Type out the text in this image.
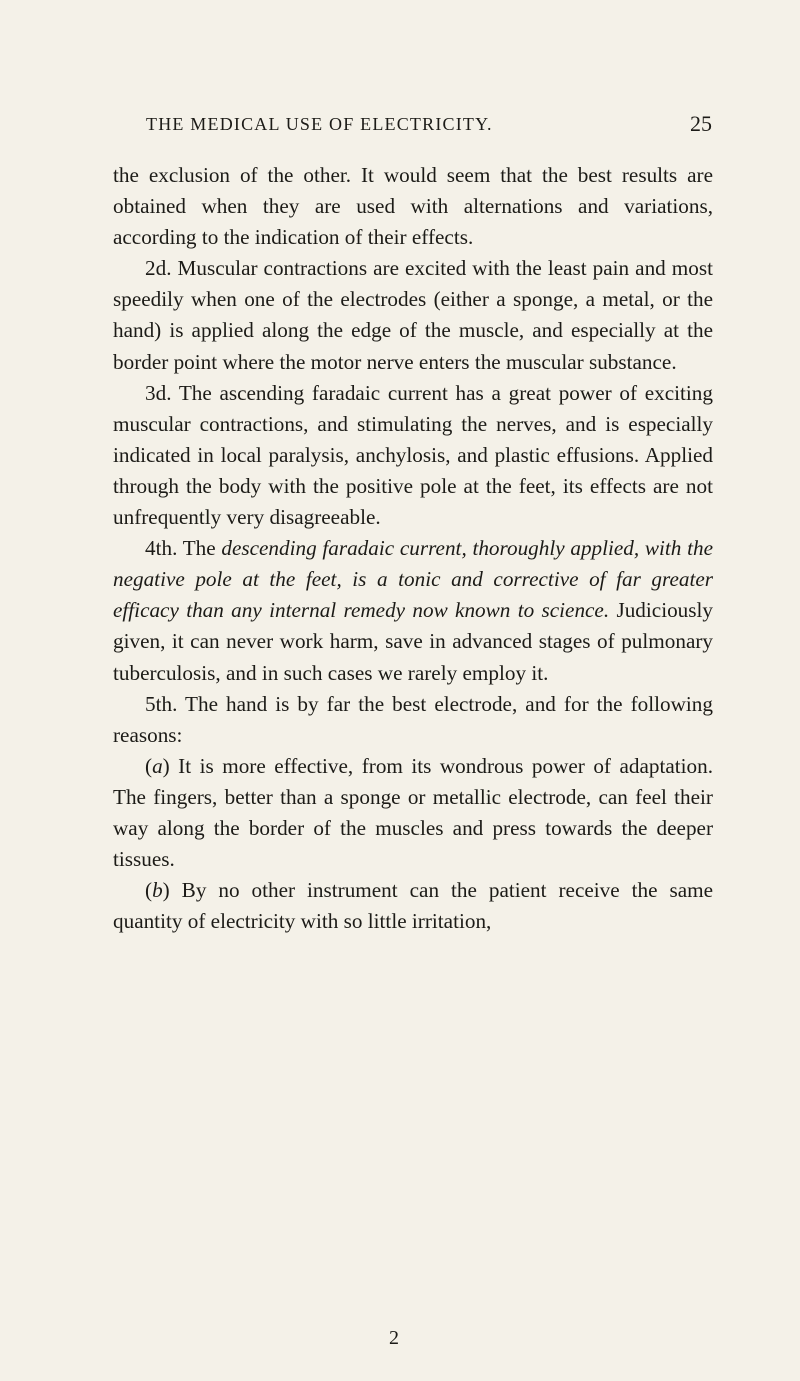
THE MEDICAL USE OF ELECTRICITY.	25

the exclusion of the other. It would seem that the best results are obtained when they are used with alternations and variations, according to the indication of their effects.

2d. Muscular contractions are excited with the least pain and most speedily when one of the electrodes (either a sponge, a metal, or the hand) is applied along the edge of the muscle, and especially at the border point where the motor nerve enters the muscular substance.

3d. The ascending faradaic current has a great power of exciting muscular contractions, and stimulating the nerves, and is especially indicated in local paralysis, anchylosis, and plastic effusions. Applied through the body with the positive pole at the feet, its effects are not unfrequently very disagreeable.

4th. The descending faradaic current, thoroughly applied, with the negative pole at the feet, is a tonic and corrective of far greater efficacy than any internal remedy now known to science. Judiciously given, it can never work harm, save in advanced stages of pulmonary tuberculosis, and in such cases we rarely employ it.

5th. The hand is by far the best electrode, and for the following reasons:

(a) It is more effective, from its wondrous power of adaptation. The fingers, better than a sponge or metallic electrode, can feel their way along the border of the muscles and press towards the deeper tissues.

(b) By no other instrument can the patient receive the same quantity of electricity with so little irritation,

2
